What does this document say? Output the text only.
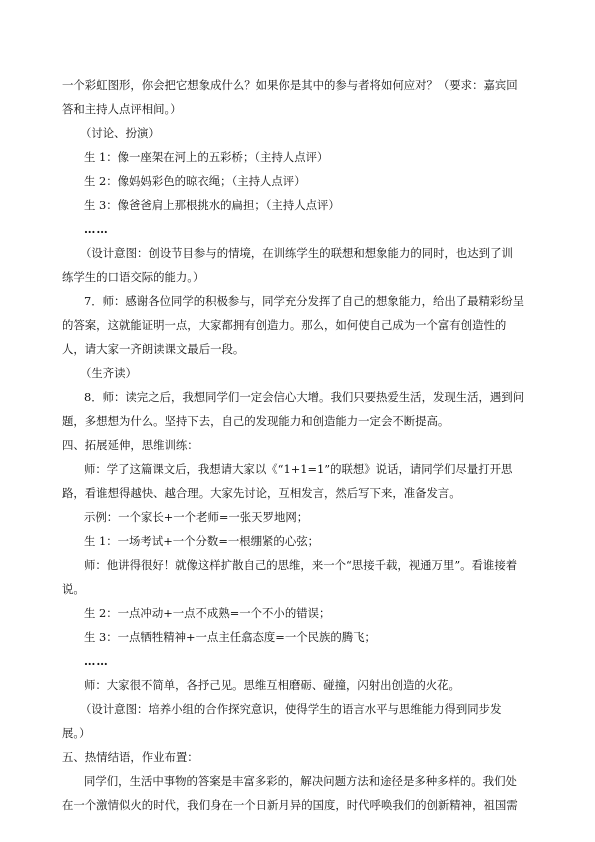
一个彩虹图形，你会把它想象成什么？如果你是其中的参与者将如何应对？（要求：嘉宾回
答和主持人点评相间。）
（讨论、扮演）
生 1：像一座架在河上的五彩桥；（主持人点评）
生 2：像妈妈彩色的晾衣绳；（主持人点评）
生 3：像爸爸肩上那根挑水的扁担；（主持人点评）
……
（设计意图：创设节目参与的情境，在训练学生的联想和想象能力的同时，也达到了训
练学生的口语交际的能力。）
7．师：感谢各位同学的积极参与，同学充分发挥了自己的想象能力，给出了最精彩纷呈
的答案，这就能证明一点，大家都拥有创造力。那么，如何使自己成为一个富有创造性的
人，请大家一齐朗读课文最后一段。
（生齐读）
8．师：读完之后，我想同学们一定会信心大增。我们只要热爱生活，发现生活，遇到问
题，多想想为什么。坚持下去，自己的发现能力和创造能力一定会不断提高。
四、拓展延伸，思维训练：
师：学了这篇课文后，我想请大家以《“1+1=1”的联想》说话，请同学们尽量打开思
路，看谁想得越快、越合理。大家先讨论，互相发言，然后写下来，准备发言。
示例：一个家长+一个老师=一张天罗地网；
生 1：一场考试+一个分数=一根绷紧的心弦；
师：他讲得很好！就像这样扩散自己的思维，来一个“思接千载，视通万里”。看谁接着
说。
生 2：一点冲动+一点不成熟=一个不小的错误；
生 3：一点牺牲精神+一点主任翕态度=一个民族的腾飞；
……
师：大家很不简单，各抒己见。思维互相磨砺、碰撞，闪射出创造的火花。
（设计意图：培养小组的合作探究意识，使得学生的语言水平与思维能力得到同步发
展。）
五、热情结语，作业布置：
同学们，生活中事物的答案是丰富多彩的，解决问题方法和途径是多种多样的。我们处
在一个激情似火的时代，我们身在一个日新月异的国度，时代呼唤我们的创新精神，祖国需
